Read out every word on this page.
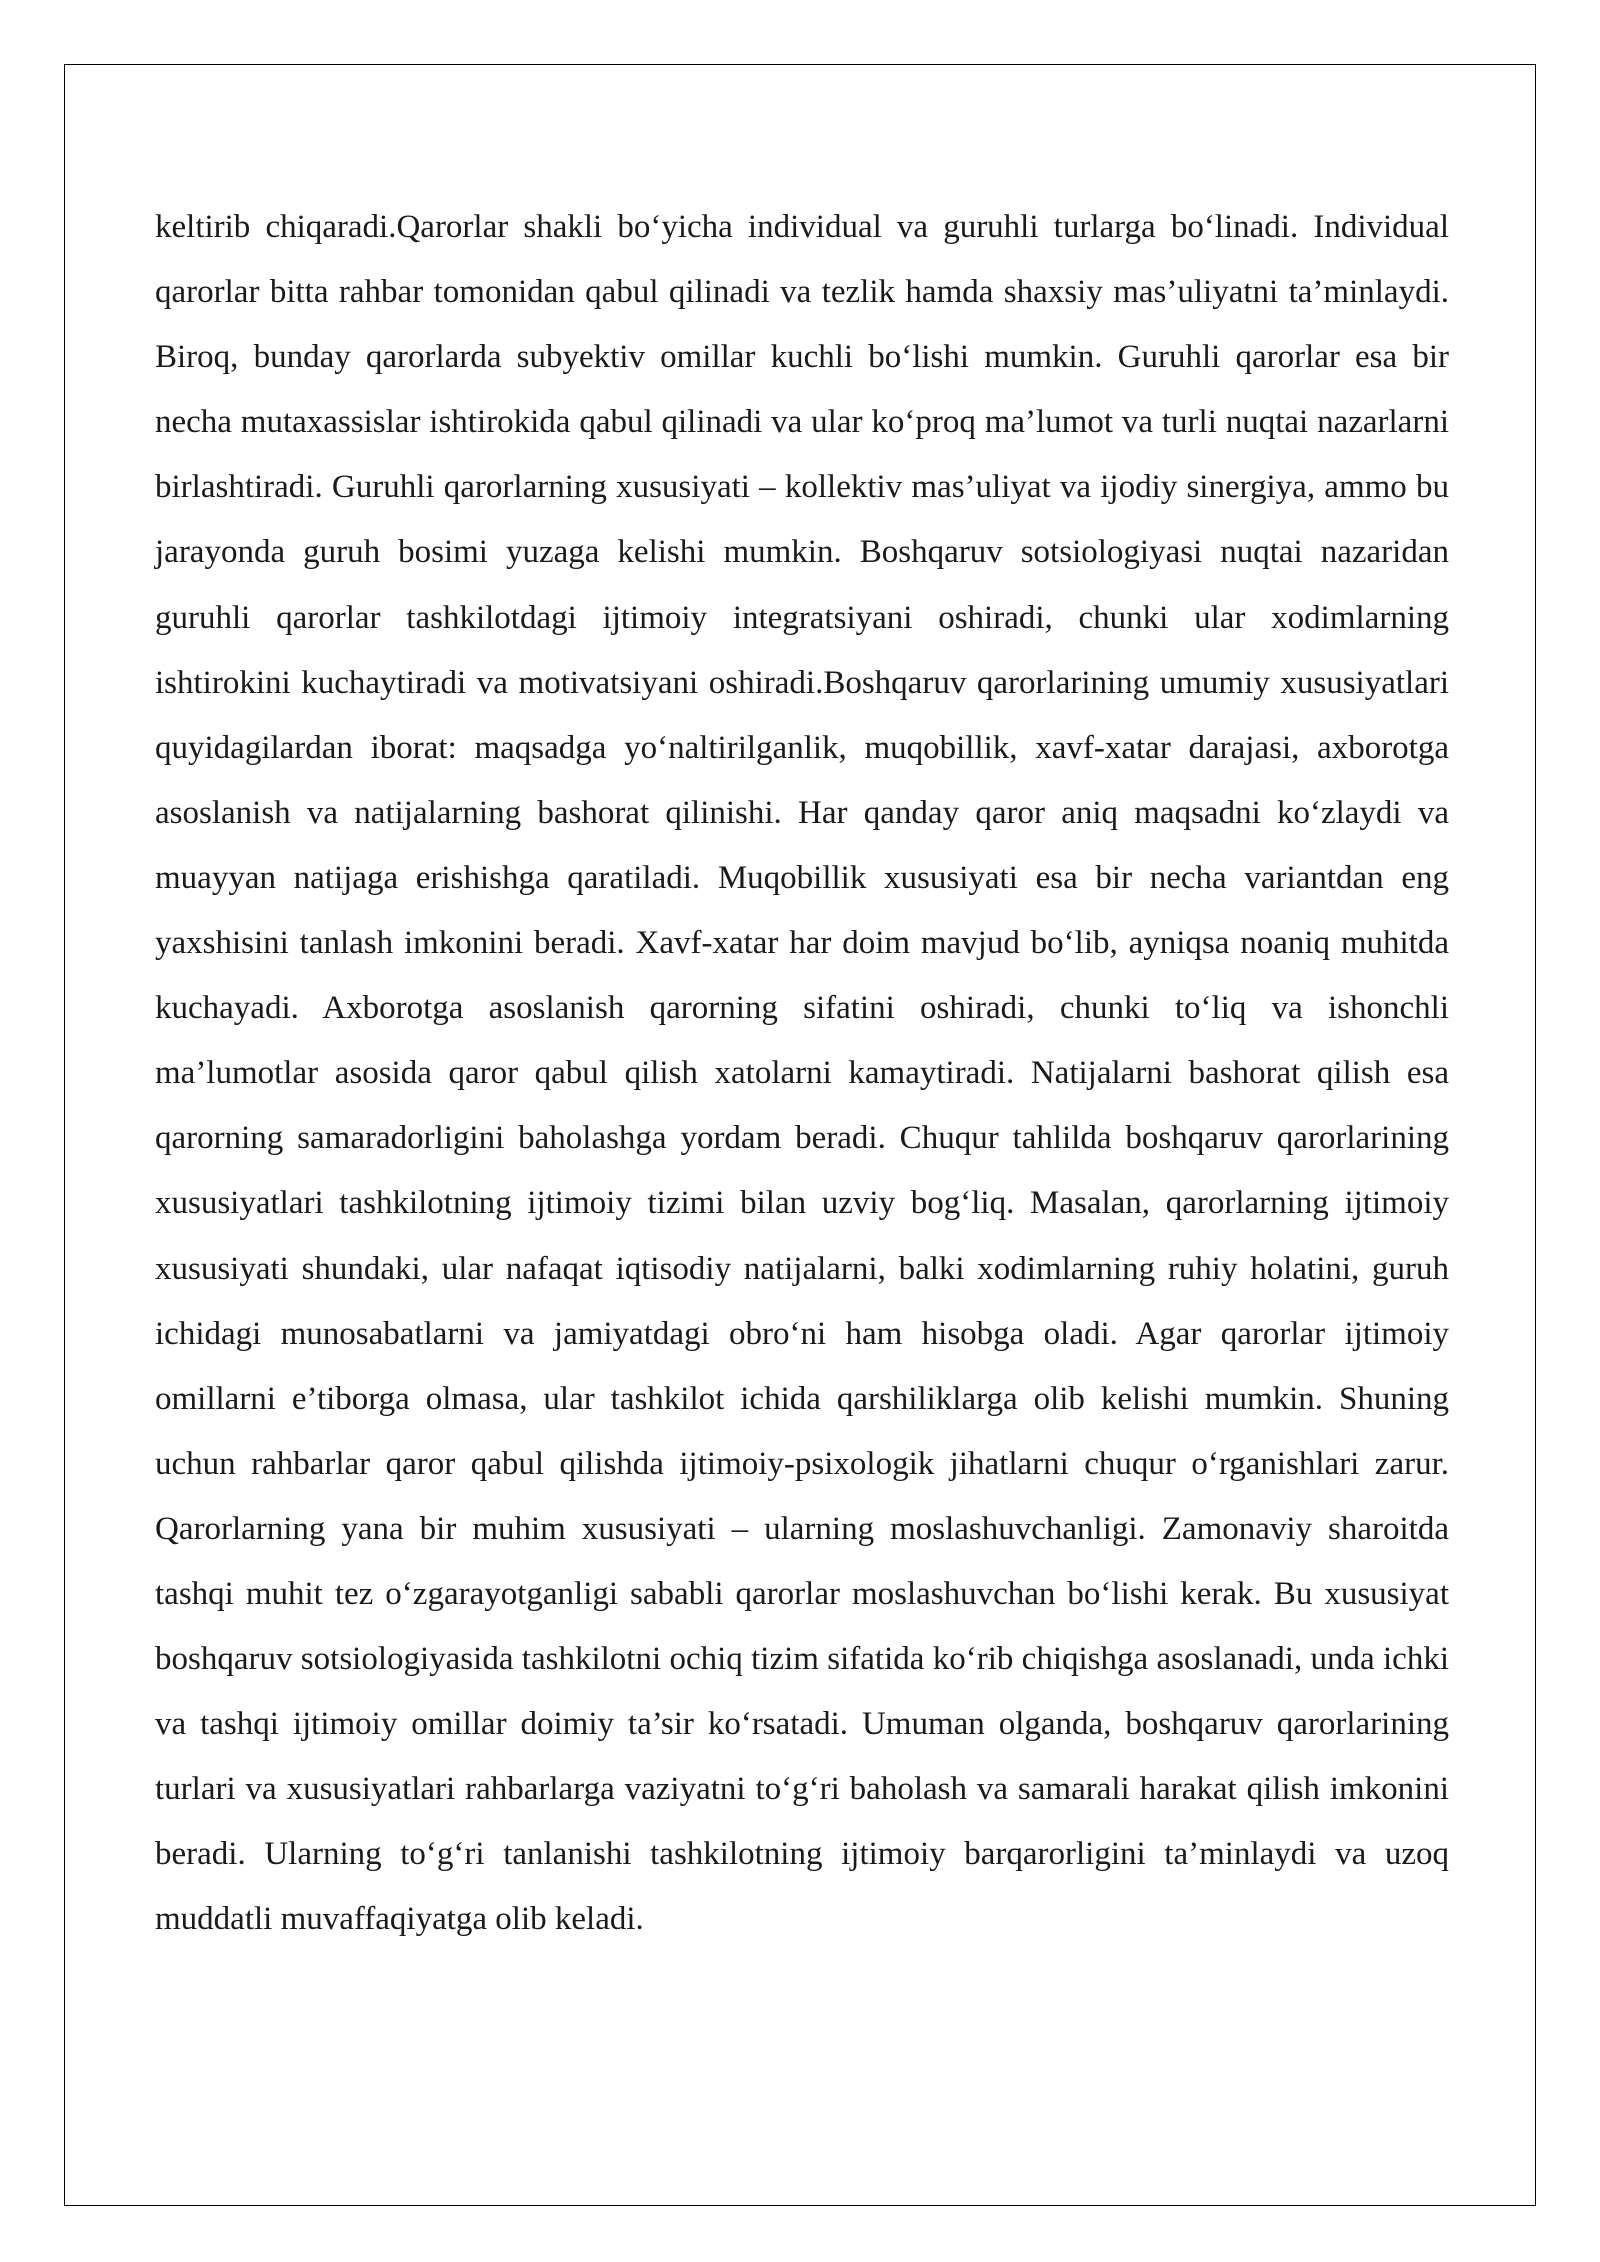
keltirib chiqaradi.Qarorlar shakli bo‘yicha individual va guruhli turlarga bo‘linadi. Individual qarorlar bitta rahbar tomonidan qabul qilinadi va tezlik hamda shaxsiy mas’uliyatni ta’minlaydi. Biroq, bunday qarorlarda subyektiv omillar kuchli bo‘lishi mumkin. Guruhli qarorlar esa bir necha mutaxassislar ishtirokida qabul qilinadi va ular ko‘proq ma’lumot va turli nuqtai nazarlarni birlashtiradi. Guruhli qarorlarning xususiyati – kollektiv mas’uliyat va ijodiy sinergiya, ammo bu jarayonda guruh bosimi yuzaga kelishi mumkin. Boshqaruv sotsiologiyasi nuqtai nazaridan guruhli qarorlar tashkilotdagi ijtimoiy integratsiyani oshiradi, chunki ular xodimlarning ishtirokini kuchaytiradi va motivatsiyani oshiradi.Boshqaruv qarorlarining umumiy xususiyatlari quyidagilardan iborat: maqsadga yo‘naltirilganlik, muqobillik, xavf-xatar darajasi, axborotga asoslanish va natijalarning bashorat qilinishi. Har qanday qaror aniq maqsadni ko‘zlaydi va muayyan natijaga erishishga qaratiladi. Muqobillik xususiyati esa bir necha variantdan eng yaxshisini tanlash imkonini beradi. Xavf-xatar har doim mavjud bo‘lib, ayniqsa noaniq muhitda kuchayadi. Axborotga asoslanish qarorning sifatini oshiradi, chunki to‘liq va ishonchli ma’lumotlar asosida qaror qabul qilish xatolarni kamaytiradi. Natijalarni bashorat qilish esa qarorning samaradorligini baholashga yordam beradi. Chuqur tahlilda boshqaruv qarorlarining xususiyatlari tashkilotning ijtimoiy tizimi bilan uzviy bog‘liq. Masalan, qarorlarning ijtimoiy xususiyati shundaki, ular nafaqat iqtisodiy natijalarni, balki xodimlarning ruhiy holatini, guruh ichidagi munosabatlarni va jamiyatdagi obro‘ni ham hisobga oladi. Agar qarorlar ijtimoiy omillarni e’tiborga olmasa, ular tashkilot ichida qarshiliklarga olib kelishi mumkin. Shuning uchun rahbarlar qaror qabul qilishda ijtimoiy-psixologik jihatlarni chuqur o‘rganishlari zarur. Qarorlarning yana bir muhim xususiyati – ularning moslashuvchanligi. Zamonaviy sharoitda tashqi muhit tez o‘zgarayotganligi sababli qarorlar moslashuvchan bo‘lishi kerak. Bu xususiyat boshqaruv sotsiologiyasida tashkilotni ochiq tizim sifatida ko‘rib chiqishga asoslanadi, unda ichki va tashqi ijtimoiy omillar doimiy ta’sir ko‘rsatadi. Umuman olganda, boshqaruv qarorlarining turlari va xususiyatlari rahbarlarga vaziyatni to‘g‘ri baholash va samarali harakat qilish imkonini beradi. Ularning to‘g‘ri tanlanishi tashkilotning ijtimoiy barqarorligini ta’minlaydi va uzoq muddatli muvaffaqiyatga olib keladi.
